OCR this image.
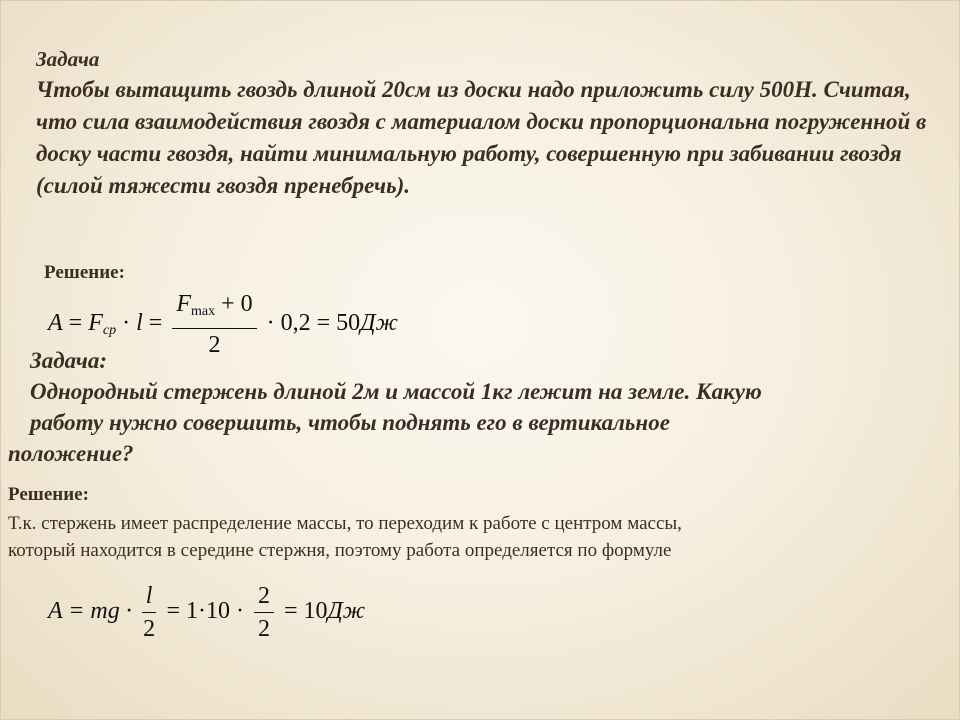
Задача
Чтобы вытащить гвоздь длиной 20см из доски надо приложить силу 500Н. Считая, что сила взаимодействия гвоздя с материалом доски пропорциональна погруженной в доску части гвоздя, найти минимальную работу, совершенную при забивании гвоздя (силой тяжести гвоздя пренебречь).
Решение:
$A = F_{ср} \cdot l = \frac{Fmax + 0}{2} \cdot 0,2 = 50Дж$
Задача:
Однородный стержень длиной 2м и массой 1кг лежит на земле. Какую
работу нужно совершить, чтобы поднять его в вертикальное
положение?
Решение:
Т.к. стержень имеет распределение массы, то переходим к работе с центром массы,
который находится в середине стержня, поэтому работа определяется по формуле
A = mg · $\frac{l}{2} = 1\cdot 10 \cdot \frac{2}{2} = 10Дж$
